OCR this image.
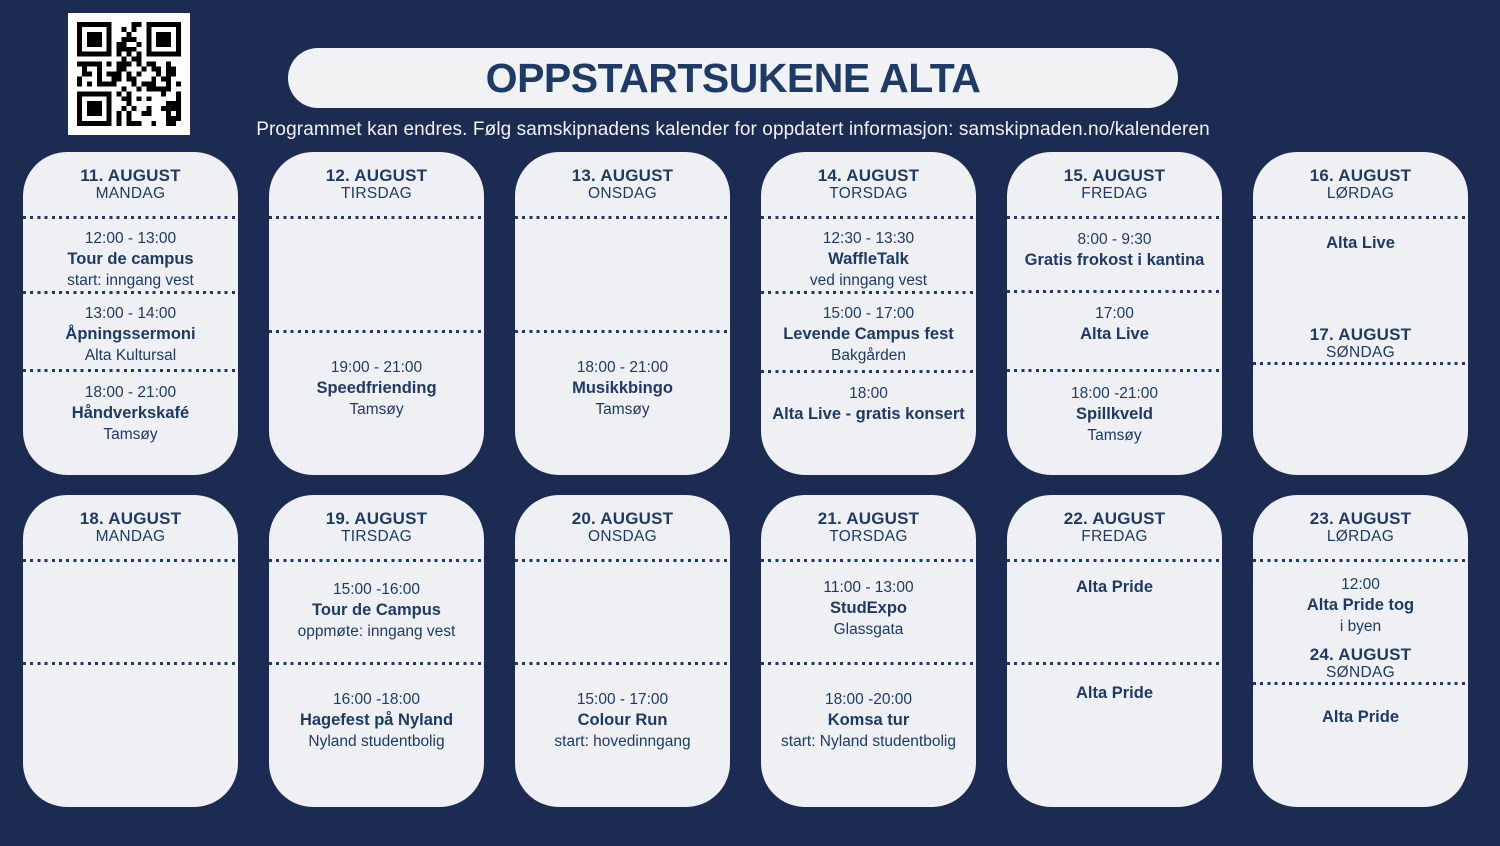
OPPSTARTSUKENE ALTA

Programmet kan endres. Følg samskipnadens kalender for oppdatert informasjon: samskipnaden.no/kalenderen

11. AUGUST
MANDAG
12:00 - 13:00
Tour de campus
start: inngang vest
13:00 - 14:00
Åpningssermoni
Alta Kultursal
18:00 - 21:00
Håndverkskafé
Tamsøy
12. AUGUST
TIRSDAG
19:00 - 21:00
Speedfriending
Tamsøy
13. AUGUST
ONSDAG
18:00 - 21:00
Musikkbingo
Tamsøy
14. AUGUST
TORSDAG
12:30 - 13:30
WaffleTalk
ved inngang vest
15:00 - 17:00
Levende Campus fest
Bakgården
18:00
Alta Live - gratis konsert
15. AUGUST
FREDAG
8:00 - 9:30
Gratis frokost i kantina
17:00
Alta Live
18:00 -21:00
Spillkveld
Tamsøy
16. AUGUST
LØRDAG
Alta Live
17. AUGUST
SØNDAG
18. AUGUST
MANDAG
19. AUGUST
TIRSDAG
15:00 -16:00
Tour de Campus
oppmøte: inngang vest
16:00 -18:00
Hagefest på Nyland
Nyland studentbolig
20. AUGUST
ONSDAG
15:00 - 17:00
Colour Run
start: hovedinngang
21. AUGUST
TORSDAG
11:00 - 13:00
StudExpo
Glassgata
18:00 -20:00
Komsa tur
start: Nyland studentbolig
22. AUGUST
FREDAG
Alta Pride
Alta Pride
23. AUGUST
LØRDAG
12:00
Alta Pride tog
i byen
24. AUGUST
SØNDAG
Alta Pride
